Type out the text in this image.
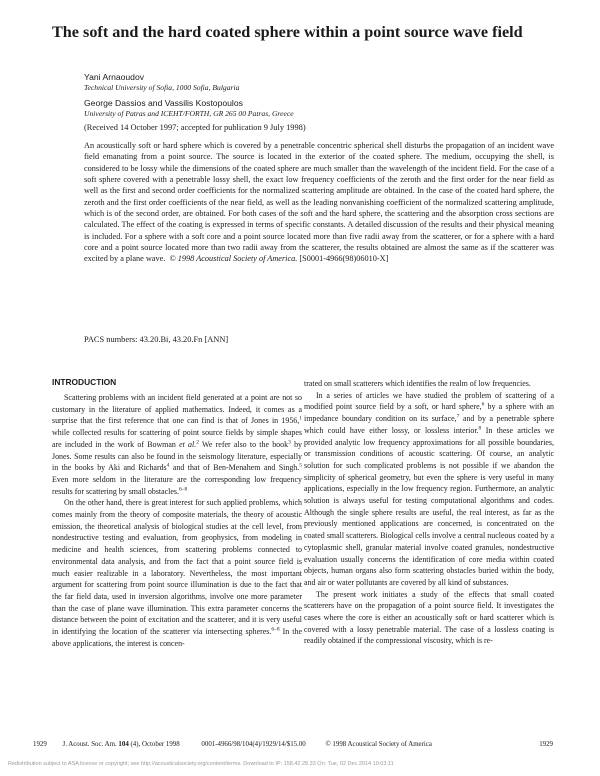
The soft and the hard coated sphere within a point source wave field

Yani Arnaoudov

Technical University of Sofia, 1000 Sofia, Bulgaria

George Dassios and Vassilis Kostopoulos

University of Patras and ICEHT/FORTH, GR 265 00 Patras, Greece

(Received 14 October 1997; accepted for publication 9 July 1998)

An acoustically soft or hard sphere which is covered by a penetrable concentric spherical shell disturbs the propagation of an incident wave field emanating from a point source. The source is located in the exterior of the coated sphere. The medium, occupying the shell, is considered to be lossy while the dimensions of the coated sphere are much smaller than the wavelength of the incident field. For the case of a soft sphere covered with a penetrable lossy shell, the exact low frequency coefficients of the zeroth and the first order for the near field as well as the first and second order coefficients for the normalized scattering amplitude are obtained. In the case of the coated hard sphere, the zeroth and the first order coefficients of the near field, as well as the leading nonvanishing coefficient of the normalized scattering amplitude, which is of the second order, are obtained. For both cases of the soft and the hard sphere, the scattering and the absorption cross sections are calculated. The effect of the coating is expressed in terms of specific constants. A detailed discussion of the results and their physical meaning is included. For a sphere with a soft core and a point source located more than five radii away from the scatterer, or for a sphere with a hard core and a point source located more than two radii away from the scatterer, the results obtained are almost the same as if the scatterer was excited by a plane wave. © 1998 Acoustical Society of America. [S0001-4966(98)06010-X]

PACS numbers: 43.20.Bi, 43.20.Fn [ANN]

INTRODUCTION

Scattering problems with an incident field generated at a point are not so customary in the literature of applied mathematics. Indeed, it comes as a surprise that the first reference that one can find is that of Jones in 1956,$^1$ while collected results for scattering of point source fields by simple shapes are included in the work of Bowman et al.$^2$ We refer also to the book$^3$ by Jones. Some results can also be found in the seismology literature, especially in the books by Aki and Richards$^4$ and that of Ben-Menahem and Singh.$^5$ Even more seldom in the literature are the corresponding low frequency results for scattering by small obstacles.$^{6-8}$

On the other hand, there is great interest for such applied problems, which comes mainly from the theory of composite materials, the theory of acoustic emission, the theoretical analysis of biological studies at the cell level, from nondestructive testing and evaluation, from geophysics, from modeling in medicine and health sciences, from scattering problems connected to environmental data analysis, and from the fact that a point source field is much easier realizable in a laboratory. Nevertheless, the most important argument for scattering from point source illumination is due to the fact that the far field data, used in inversion algorithms, involve one more parameter than the case of plane wave illumination. This extra parameter concerns the distance between the point of excitation and the scatterer, and it is very useful in identifying the location of the scatterer via intersecting spheres.$^{6-8}$ In the above applications, the interest is concen-

trated on small scatterers which identifies the realm of low frequencies.

In a series of articles we have studied the problem of scattering of a modified point source field by a soft, or hard sphere,$^6$ by a sphere with an impedance boundary condition on its surface,$^7$ and by a penetrable sphere which could have either lossy, or lossless interior.$^8$ In these articles we provided analytic low frequency approximations for all possible boundaries, or transmission conditions of acoustic scattering. Of course, an analytic solution for such complicated problems is not possible if we abandon the simplicity of spherical geometry, but even the sphere is very useful in many applications, especially in the low frequency region. Furthermore, an analytic solution is always useful for testing computational algorithms and codes. Although the single sphere results are useful, the real interest, as far as the previously mentioned applications are concerned, is concentrated on the coated small scatterers. Biological cells involve a central nucleous coated by a cytoplasmic shell, granular material involve coated granules, nondestructive evaluation usually concerns the identification of core media within coated objects, human organs also form scattering obstacles buried within the body, and air or water pollutants are covered by all kind of substances.

The present work initiates a study of the effects that small coated scatterers have on the propagation of a point source field. It investigates the cases where the core is either an acoustically soft or hard scatterer which is covered with a lossy penetrable material. The case of a lossless coating is readily obtained if the compressional viscosity, which is re-

1929 J. Acoust. Soc. Am. 104 (4), October 1998	0001-4966/98/104(4)/1929/14/$15.00	© 1998 Acoustical Society of America	1929

Redistribution subject to ASA license or copyright; see http://acousticalsociety.org/content/terms. Download to IP: 158.42.28.33 On: Tue, 02 Dec 2014 10:03:11
